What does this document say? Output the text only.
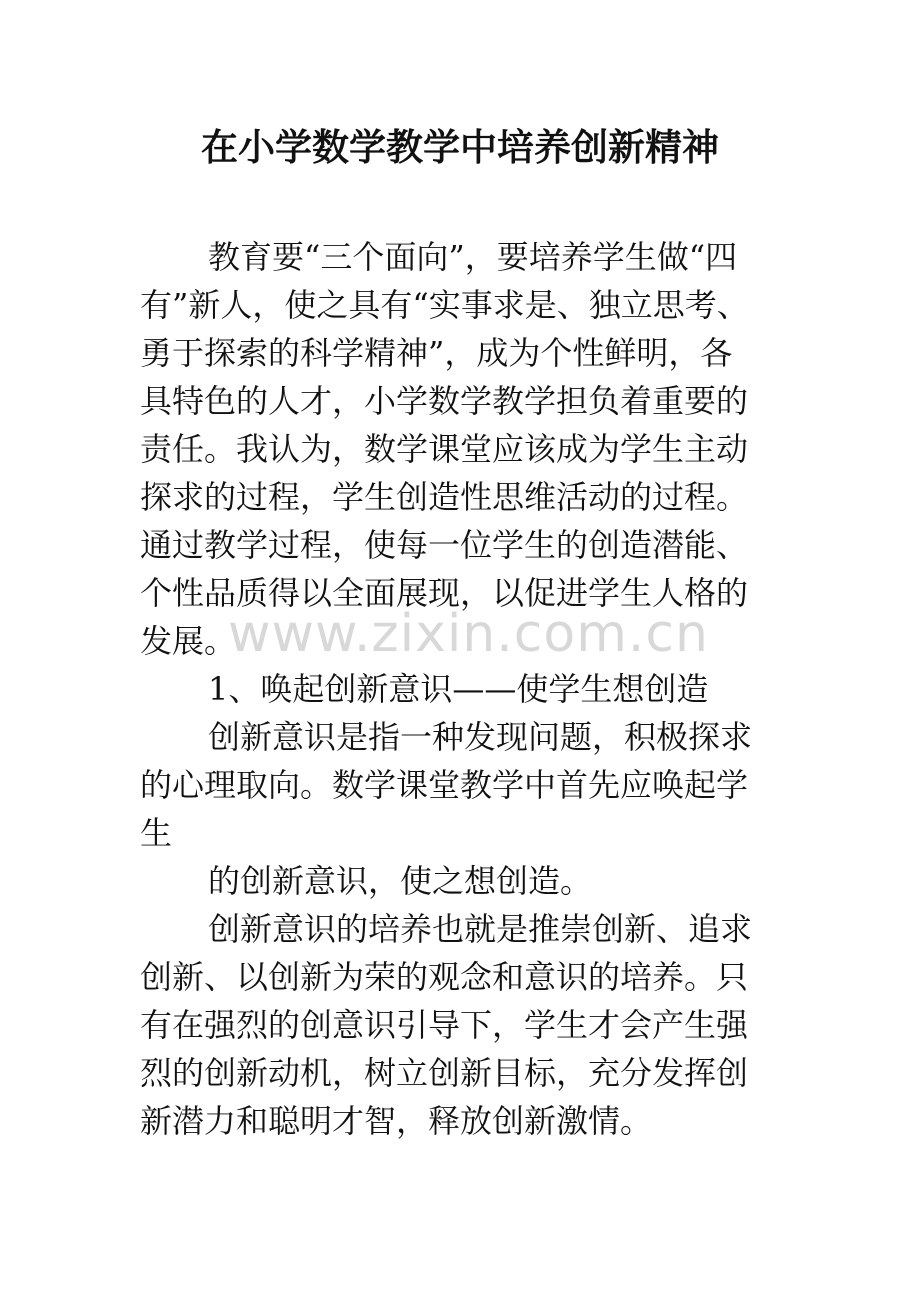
在小学数学教学中培养创新精神
教育要“三个面向”，要培养学生做“四
有”新人，使之具有“实事求是、独立思考、
勇于探索的科学精神”，成为个性鲜明，各
具特色的人才，小学数学教学担负着重要的
责任。我认为，数学课堂应该成为学生主动
探求的过程，学生创造性思维活动的过程。
通过教学过程，使每一位学生的创造潜能、
个性品质得以全面展现，以促进学生人格的
发展。
1、唤起创新意识——使学生想创造
创新意识是指一种发现问题，积极探求
的心理取向。数学课堂教学中首先应唤起学
生
的创新意识，使之想创造。
创新意识的培养也就是推崇创新、追求
创新、以创新为荣的观念和意识的培养。只
有在强烈的创意识引导下，学生才会产生强
烈的创新动机，树立创新目标，充分发挥创
新潜力和聪明才智，释放创新激情。
www.zixin.com.cn
